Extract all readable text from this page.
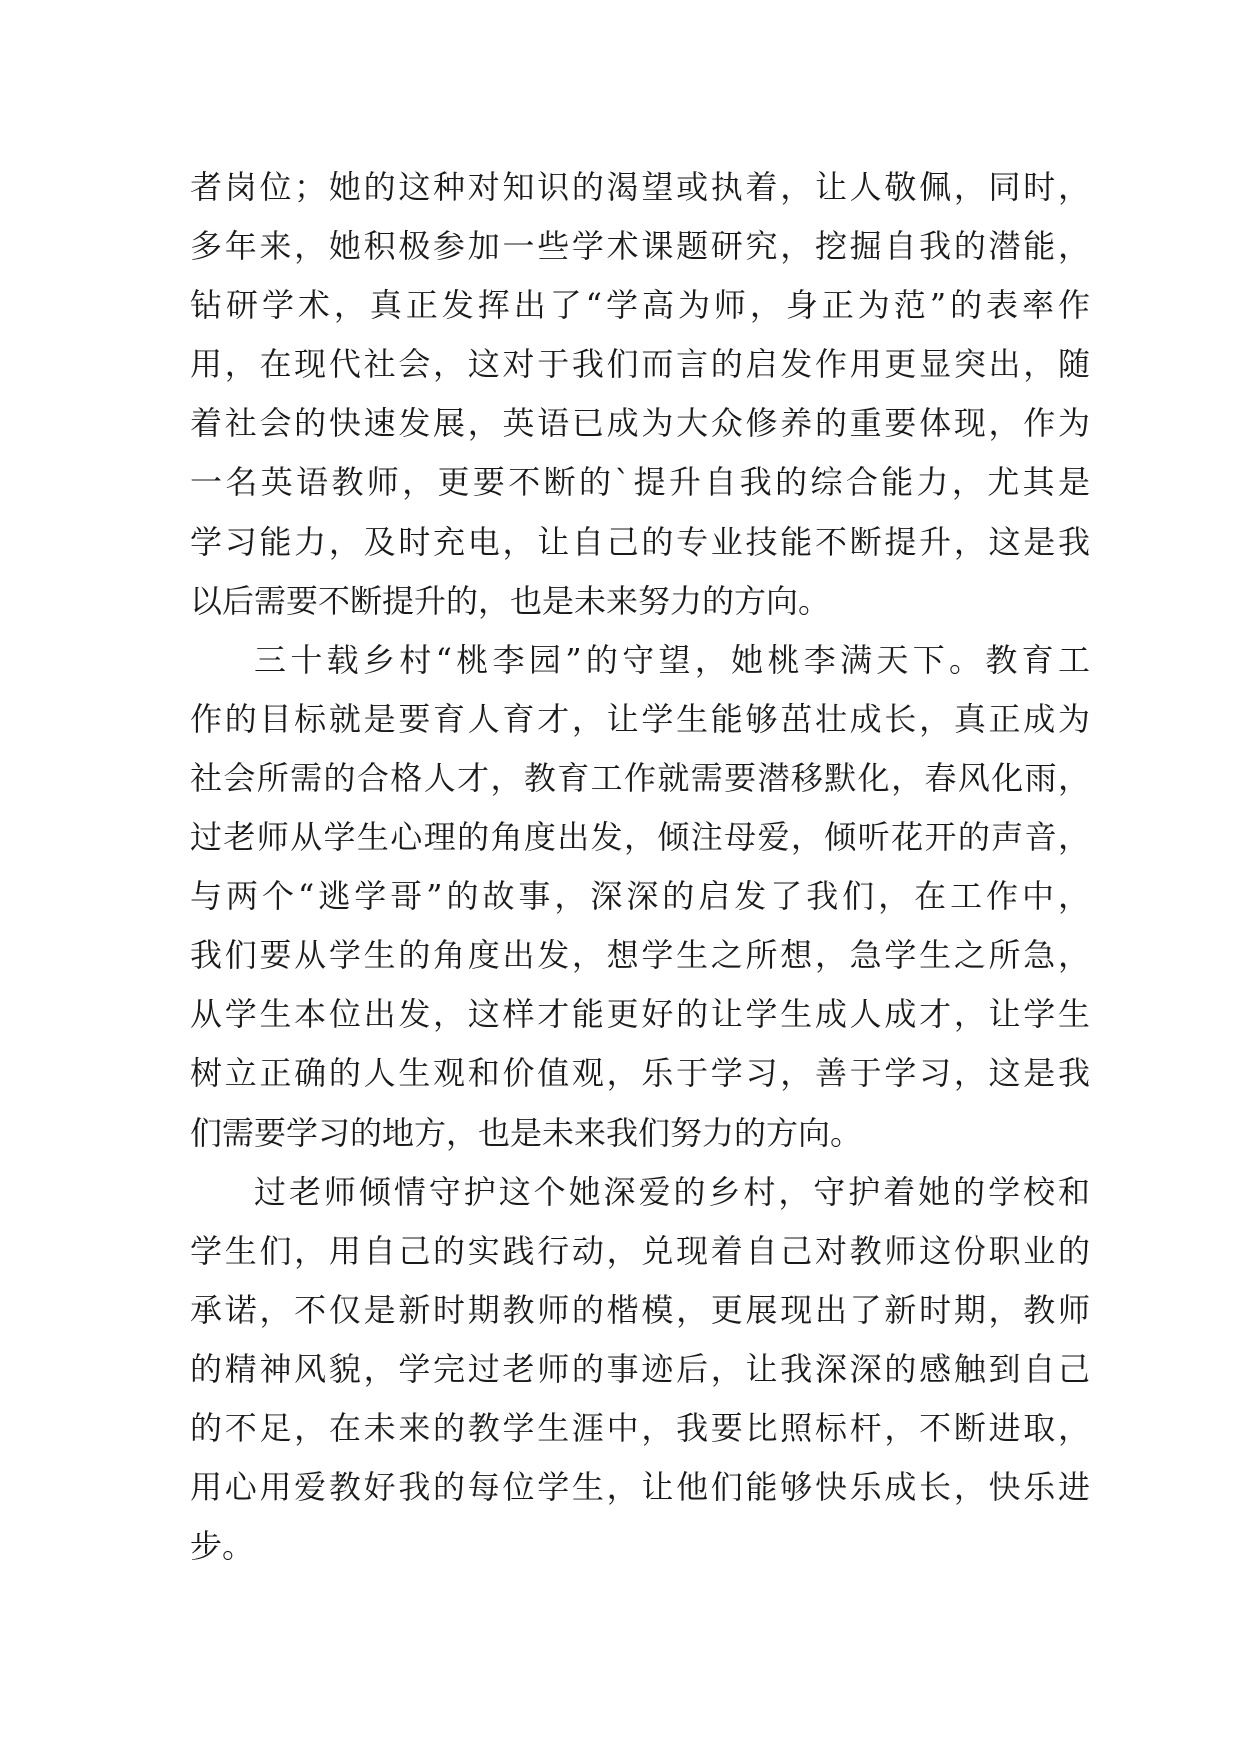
者岗位；她的这种对知识的渴望或执着，让人敬佩，同时，
多年来，她积极参加一些学术课题研究，挖掘自我的潜能，
钻研学术，真正发挥出了“学高为师，身正为范”的表率作
用，在现代社会，这对于我们而言的启发作用更显突出，随
着社会的快速发展，英语已成为大众修养的重要体现，作为
一名英语教师，更要不断的`提升自我的综合能力，尤其是
学习能力，及时充电，让自己的专业技能不断提升，这是我
以后需要不断提升的，也是未来努力的方向。
三十载乡村“桃李园”的守望，她桃李满天下。教育工
作的目标就是要育人育才，让学生能够茁壮成长，真正成为
社会所需的合格人才，教育工作就需要潜移默化，春风化雨，
过老师从学生心理的角度出发，倾注母爱，倾听花开的声音，
与两个“逃学哥”的故事，深深的启发了我们，在工作中，
我们要从学生的角度出发，想学生之所想，急学生之所急，
从学生本位出发，这样才能更好的让学生成人成才，让学生
树立正确的人生观和价值观，乐于学习，善于学习，这是我
们需要学习的地方，也是未来我们努力的方向。
过老师倾情守护这个她深爱的乡村，守护着她的学校和
学生们，用自己的实践行动，兑现着自己对教师这份职业的
承诺，不仅是新时期教师的楷模，更展现出了新时期，教师
的精神风貌，学完过老师的事迹后，让我深深的感触到自己
的不足，在未来的教学生涯中，我要比照标杆，不断进取，
用心用爱教好我的每位学生，让他们能够快乐成长，快乐进
步。
